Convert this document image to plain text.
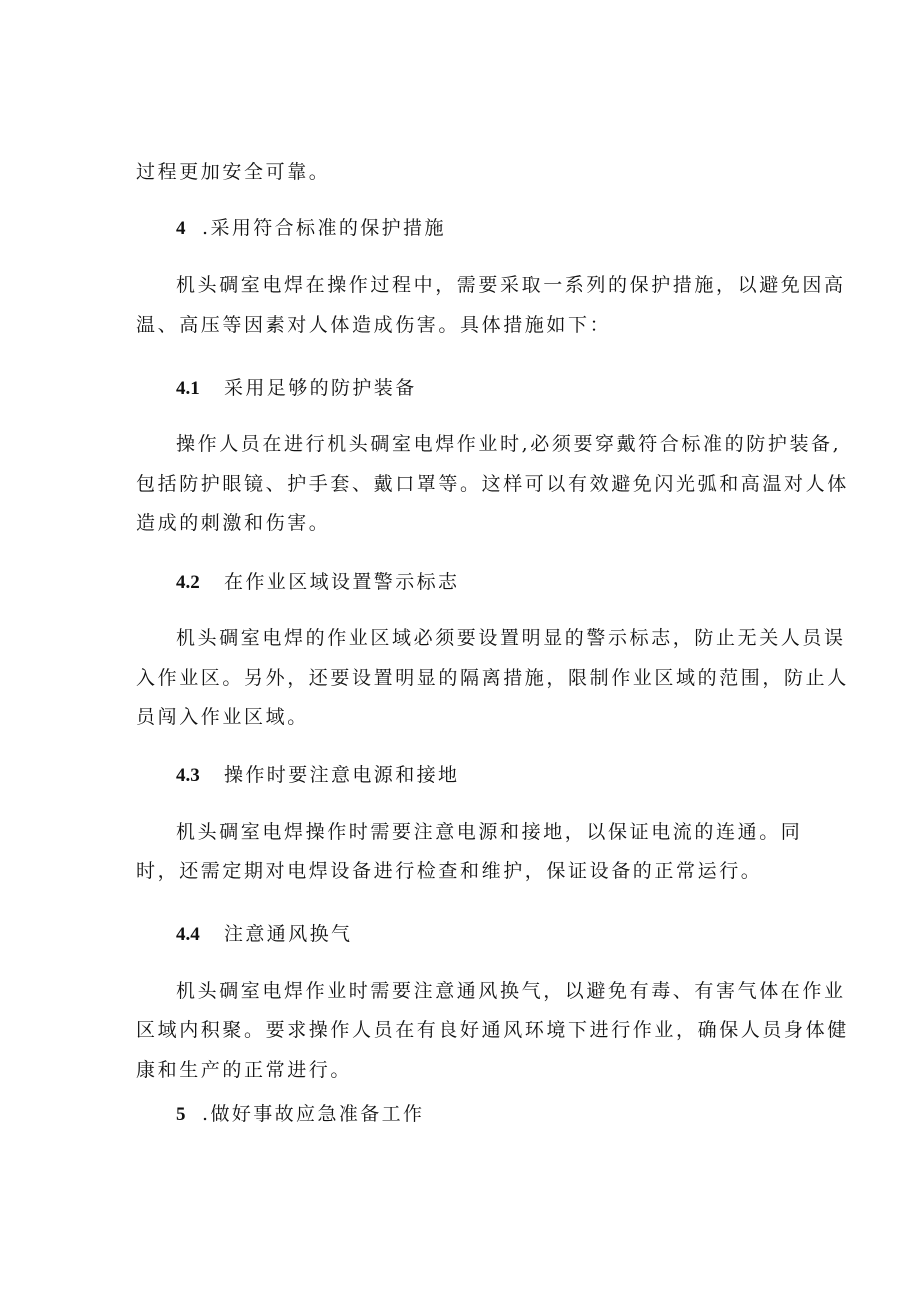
过程更加安全可靠。
4 .采用符合标准的保护措施
机头碉室电焊在操作过程中，需要采取一系列的保护措施，以避免因高
温、高压等因素对人体造成伤害。具体措施如下：
4.1 采用足够的防护装备
操作人员在进行机头碉室电焊作业时,必须要穿戴符合标准的防护装备,
包括防护眼镜、护手套、戴口罩等。这样可以有效避免闪光弧和高温对人体
造成的刺激和伤害。
4.2 在作业区域设置警示标志
机头碉室电焊的作业区域必须要设置明显的警示标志，防止无关人员误
入作业区。另外，还要设置明显的隔离措施，限制作业区域的范围，防止人
员闯入作业区域。
4.3 操作时要注意电源和接地
机头碉室电焊操作时需要注意电源和接地，以保证电流的连通。同
时，还需定期对电焊设备进行检查和维护，保证设备的正常运行。
4.4 注意通风换气
机头碉室电焊作业时需要注意通风换气，以避免有毒、有害气体在作业
区域内积聚。要求操作人员在有良好通风环境下进行作业，确保人员身体健
康和生产的正常进行。
5 .做好事故应急准备工作
